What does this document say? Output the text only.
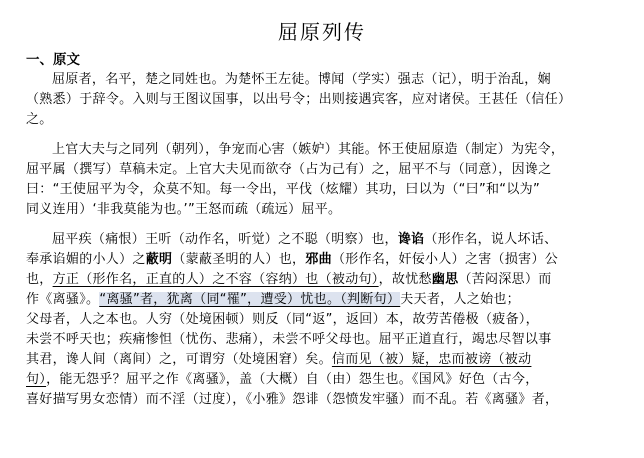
屈原列传
一、原文
屈原者，名平，楚之同姓也。为楚怀王左徒。博闻（学实）强志（记），明于治乱，娴
（熟悉）于辞令。入则与王图议国事，以出号令；出则接遇宾客，应对诸侯。王甚任（信任）
之。
上官大夫与之同列（朝列），争宠而心害（嫉妒）其能。怀王使屈原造（制定）为宪令，
屈平属（撰写）草稿未定。上官大夫见而欲夺（占为己有）之，屈平不与（同意），因谗之
曰：“王使屈平为令，众莫不知。每一令出，平伐（炫耀）其功，曰以为（“曰”和“以为”
同义连用）‘非我莫能为也。’”王怒而疏（疏远）屈平。
屈平疾（痛恨）王听（动作名，听觉）之不聪（明察）也，谗谄（形作名，说人坏话、
奉承谄媚的小人）之蔽明（蒙蔽圣明的人）也，邪曲（形作名，奸佞小人）之害（损害）公
也，方正（形作名，正直的人）之不容（容纳）也（被动句），故忧愁幽思（苦闷深思）而
作《离骚》。“离骚”者，犹离（同“罹”，遭受）忧也。（判断句）夫天者，人之始也；
父母者，人之本也。人穷（处境困顿）则反（同“返”，返回）本，故劳苦倦极（疲备），
未尝不呼天也；疾痛惨怛（忧伤、悲痛），未尝不呼父母也。屈平正道直行，竭忠尽智以事
其君，谗人间（离间）之，可谓穷（处境困窘）矣。信而见（被）疑，忠而被谤（被动
句），能无怨乎？屈平之作《离骚》，盖（大概）自（由）怨生也。《国风》好色（古今，
喜好描写男女恋情）而不淫（过度），《小雅》怨诽（怨愤发牢骚）而不乱。若《离骚》者，
